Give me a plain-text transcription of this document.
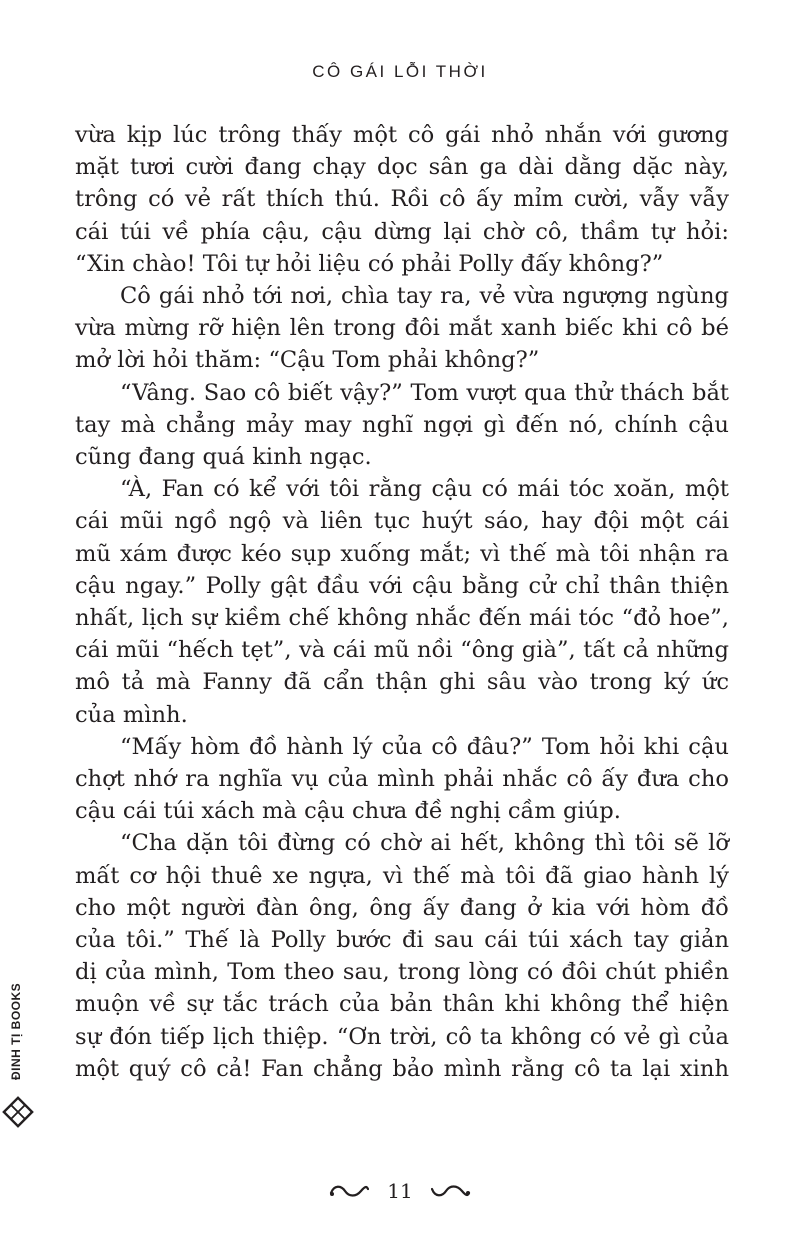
CÔ GÁI LỖI THỜI
vừa kịp lúc trông thấy một cô gái nhỏ nhắn với gương
mặt tươi cười đang chạy dọc sân ga dài dằng dặc này,
trông có vẻ rất thích thú. Rồi cô ấy mỉm cười, vẫy vẫy
cái túi về phía cậu, cậu dừng lại chờ cô, thầm tự hỏi:
“Xin chào! Tôi tự hỏi liệu có phải Polly đấy không?”
Cô gái nhỏ tới nơi, chìa tay ra, vẻ vừa ngượng ngùng
vừa mừng rỡ hiện lên trong đôi mắt xanh biếc khi cô bé
mở lời hỏi thăm: “Cậu Tom phải không?”
“Vâng. Sao cô biết vậy?” Tom vượt qua thử thách bắt
tay mà chẳng mảy may nghĩ ngợi gì đến nó, chính cậu
cũng đang quá kinh ngạc.
“À, Fan có kể với tôi rằng cậu có mái tóc xoăn, một
cái mũi ngồ ngộ và liên tục huýt sáo, hay đội một cái
mũ xám được kéo sụp xuống mắt; vì thế mà tôi nhận ra
cậu ngay.” Polly gật đầu với cậu bằng cử chỉ thân thiện
nhất, lịch sự kiềm chế không nhắc đến mái tóc “đỏ hoe”,
cái mũi “hếch tẹt”, và cái mũ nồi “ông già”, tất cả những
mô tả mà Fanny đã cẩn thận ghi sâu vào trong ký ức
của mình.
“Mấy hòm đồ hành lý của cô đâu?” Tom hỏi khi cậu
chợt nhớ ra nghĩa vụ của mình phải nhắc cô ấy đưa cho
cậu cái túi xách mà cậu chưa đề nghị cầm giúp.
“Cha dặn tôi đừng có chờ ai hết, không thì tôi sẽ lỡ
mất cơ hội thuê xe ngựa, vì thế mà tôi đã giao hành lý
cho một người đàn ông, ông ấy đang ở kia với hòm đồ
của tôi.” Thế là Polly bước đi sau cái túi xách tay giản
dị của mình, Tom theo sau, trong lòng có đôi chút phiền
muộn về sự tắc trách của bản thân khi không thể hiện
sự đón tiếp lịch thiệp. “Ơn trời, cô ta không có vẻ gì của
một quý cô cả! Fan chẳng bảo mình rằng cô ta lại xinh
11
ĐINH TỊ BOOKS
